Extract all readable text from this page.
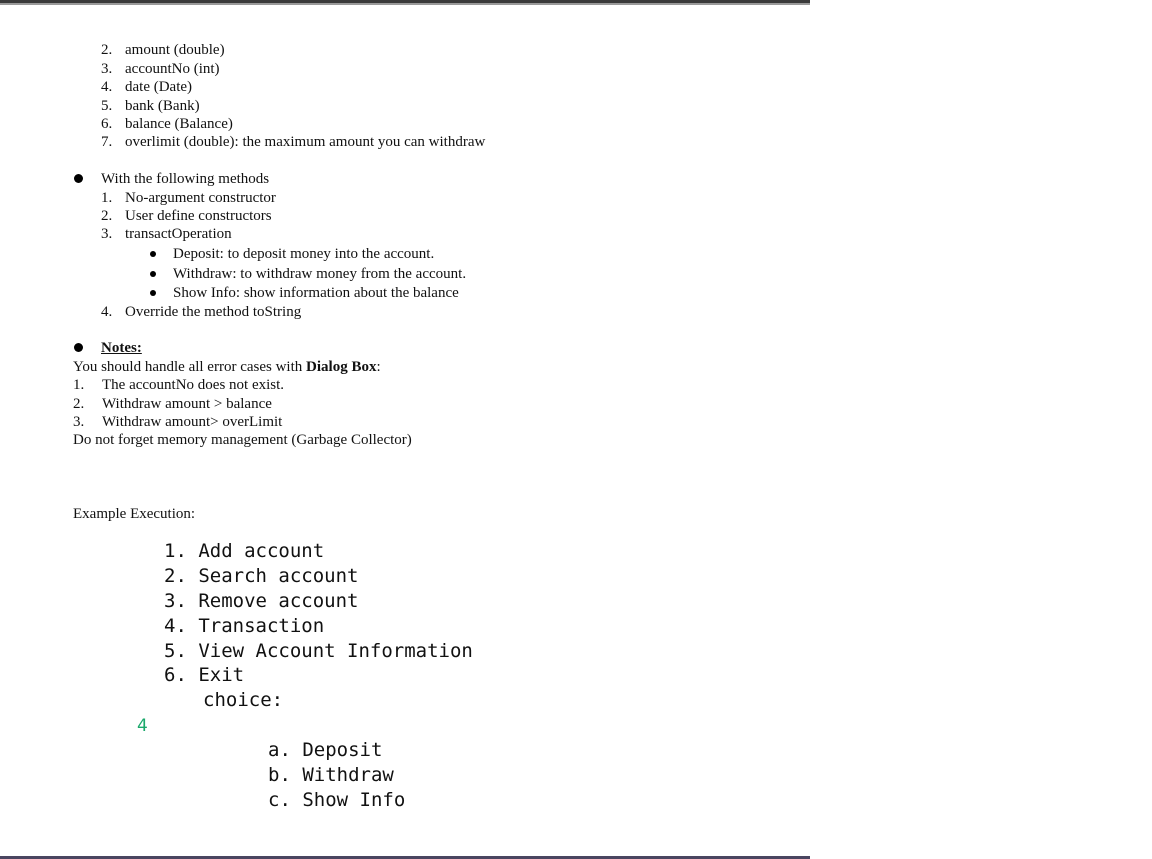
2. amount (double)
3. accountNo (int)
4. date (Date)
5. bank (Bank)
6. balance (Balance)
7. overlimit (double): the maximum amount you can withdraw
With the following methods
1. No-argument constructor
2. User define constructors
3. transactOperation
Deposit: to deposit money into the account.
Withdraw: to withdraw money from the account.
Show Info: show information about the balance
4. Override the method toString
Notes:
You should handle all error cases with Dialog Box:
1. The accountNo does not exist.
2. Withdraw amount > balance
3. Withdraw amount> overLimit
Do not forget memory management (Garbage Collector)
Example Execution:
1. Add account
2. Search account
3. Remove account
4. Transaction
5. View Account Information
6. Exit
choice:
4
a. Deposit
b. Withdraw
c. Show Info
